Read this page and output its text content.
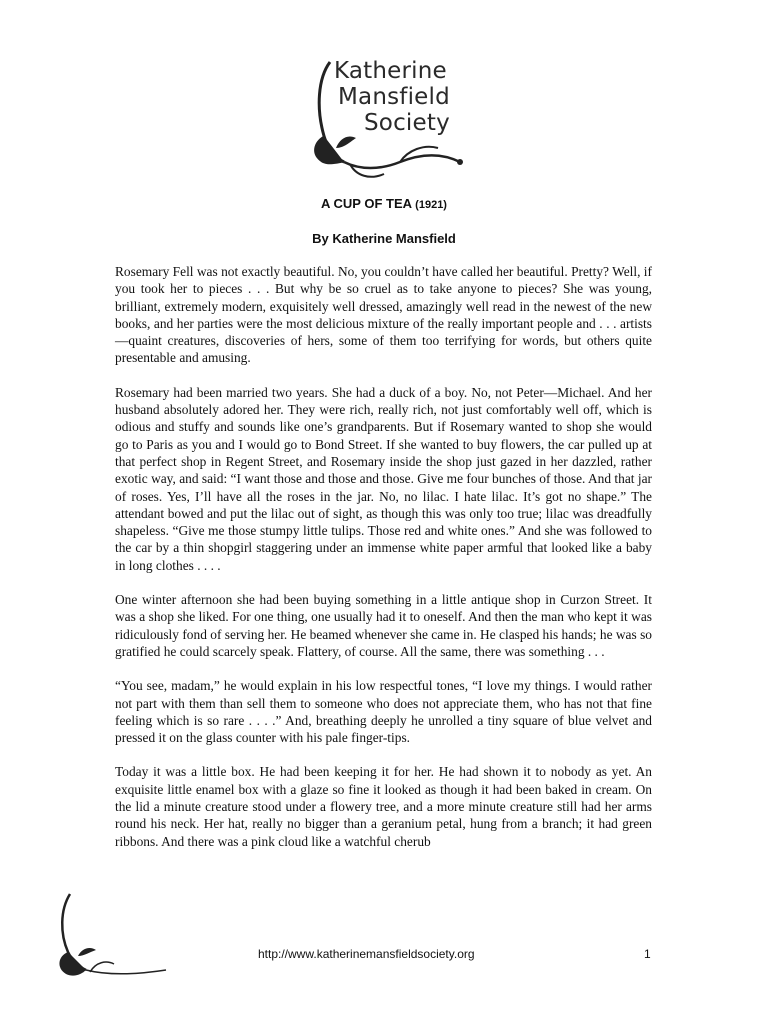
Katherine
Mansfield
Society
A CUP OF TEA (1921)
By Katherine Mansfield

Rosemary Fell was not exactly beautiful. No, you couldn’t have called her beautiful. Pretty? Well, if you took her to pieces . . . But why be so cruel as to take anyone to pieces? She was young, brilliant, extremely modern, exquisitely well dressed, amazingly well read in the newest of the new books, and her parties were the most delicious mixture of the really important people and . . . artists—quaint creatures, discoveries of hers, some of them too terrifying for words, but others quite presentable and amusing.

Rosemary had been married two years. She had a duck of a boy. No, not Peter—Michael. And her husband absolutely adored her. They were rich, really rich, not just comfortably well off, which is odious and stuffy and sounds like one’s grandparents. But if Rosemary wanted to shop she would go to Paris as you and I would go to Bond Street. If she wanted to buy flowers, the car pulled up at that perfect shop in Regent Street, and Rosemary inside the shop just gazed in her dazzled, rather exotic way, and said: “I want those and those and those. Give me four bunches of those. And that jar of roses. Yes, I’ll have all the roses in the jar. No, no lilac. I hate lilac. It’s got no shape.” The attendant bowed and put the lilac out of sight, as though this was only too true; lilac was dreadfully shapeless. “Give me those stumpy little tulips. Those red and white ones.” And she was followed to the car by a thin shopgirl staggering under an immense white paper armful that looked like a baby in long clothes . . . .

One winter afternoon she had been buying something in a little antique shop in Curzon Street. It was a shop she liked. For one thing, one usually had it to oneself. And then the man who kept it was ridiculously fond of serving her. He beamed whenever she came in. He clasped his hands; he was so gratified he could scarcely speak. Flattery, of course. All the same, there was something . . .

“You see, madam,” he would explain in his low respectful tones, “I love my things. I would rather not part with them than sell them to someone who does not appreciate them, who has not that fine feeling which is so rare . . . .” And, breathing deeply he unrolled a tiny square of blue velvet and pressed it on the glass counter with his pale finger-tips.

Today it was a little box. He had been keeping it for her. He had shown it to nobody as yet. An exquisite little enamel box with a glaze so fine it looked as though it had been baked in cream. On the lid a minute creature stood under a flowery tree, and a more minute creature still had her arms round his neck. Her hat, really no bigger than a geranium petal, hung from a branch; it had green ribbons. And there was a pink cloud like a watchful cherub

http://www.katherinemansfieldsociety.org	1
